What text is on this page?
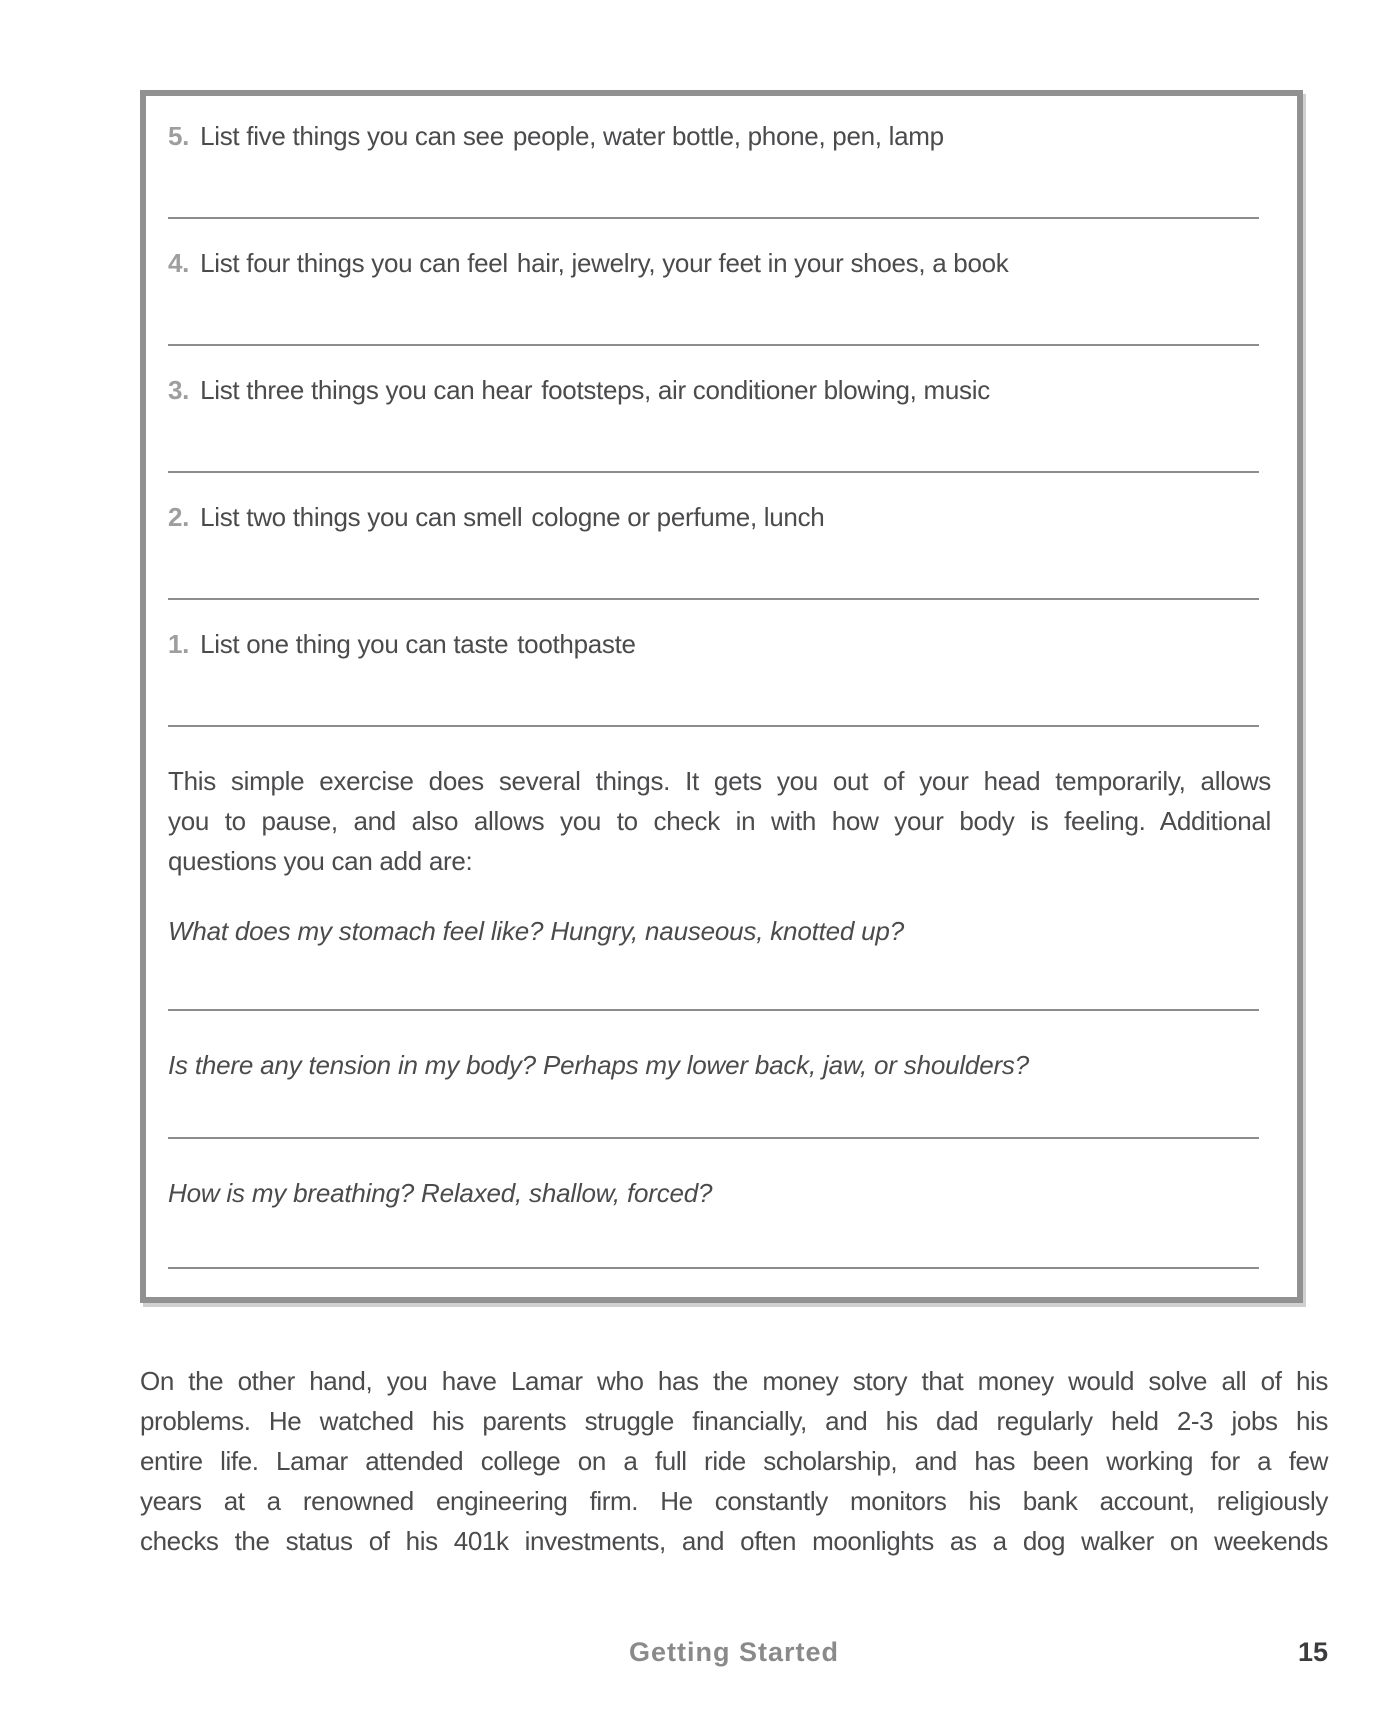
5. List five things you can see people, water bottle, phone, pen, lamp
4. List four things you can feel hair, jewelry, your feet in your shoes, a book
3. List three things you can hear footsteps, air conditioner blowing, music
2. List two things you can smell cologne or perfume, lunch
1. List one thing you can taste toothpaste
This simple exercise does several things. It gets you out of your head temporarily, allows
you to pause, and also allows you to check in with how your body is feeling. Additional
questions you can add are:
What does my stomach feel like? Hungry, nauseous, knotted up?
Is there any tension in my body? Perhaps my lower back, jaw, or shoulders?
How is my breathing? Relaxed, shallow, forced?
On the other hand, you have Lamar who has the money story that money would solve all of his
problems. He watched his parents struggle financially, and his dad regularly held 2-3 jobs his
entire life. Lamar attended college on a full ride scholarship, and has been working for a few
years at a renowned engineering firm. He constantly monitors his bank account, religiously
checks the status of his 401k investments, and often moonlights as a dog walker on weekends
Getting Started	15
